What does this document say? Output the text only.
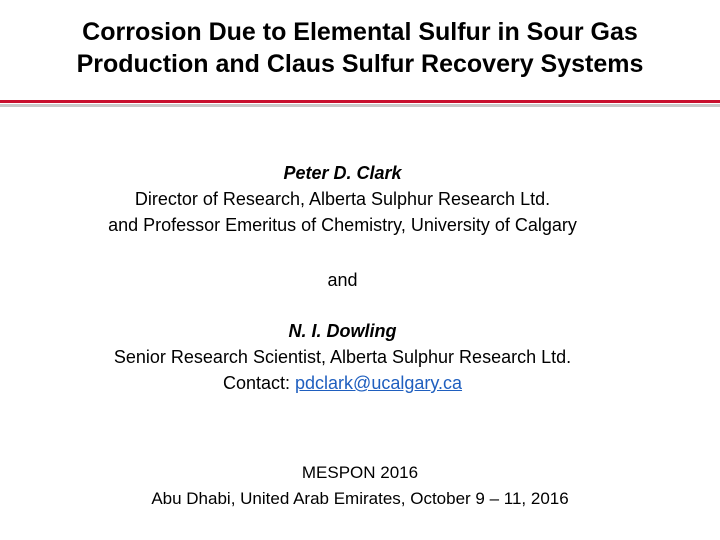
Corrosion Due to Elemental Sulfur in Sour Gas
Production and Claus Sulfur Recovery Systems
Peter D. Clark
Director of Research, Alberta Sulphur Research Ltd.
and Professor Emeritus of Chemistry, University of Calgary
and
N. I. Dowling
Senior Research Scientist, Alberta Sulphur Research Ltd.
Contact: pdclark@ucalgary.ca
MESPON 2016
Abu Dhabi, United Arab Emirates, October 9 – 11, 2016
